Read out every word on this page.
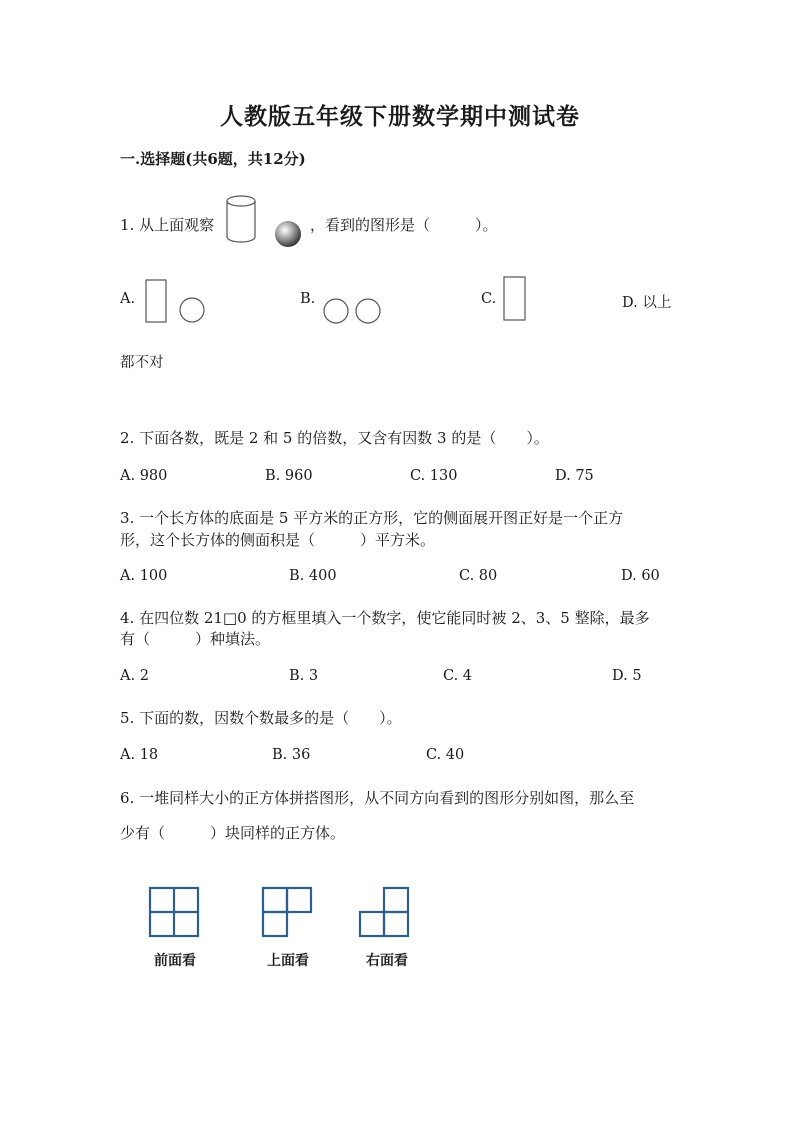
人教版五年级下册数学期中测试卷
一.选择题(共6题，共12分)
1. 从上面观察	，看到的图形是（　　　）。
A.	B.	C.	D. 以上
都不对
2. 下面各数，既是 2 和 5 的倍数，又含有因数 3 的是（　　）。
A. 980	B. 960	C. 130	D. 75
3. 一个长方体的底面是 5 平方米的正方形，它的侧面展开图正好是一个正方
形，这个长方体的侧面积是（　　　）平方米。
A. 100	B. 400	C. 80	D. 60
4. 在四位数 21□0 的方框里填入一个数字，使它能同时被 2、3、5 整除，最多
有（　　　）种填法。
A. 2	B. 3	C. 4	D. 5
5. 下面的数，因数个数最多的是（　　）。
A. 18	B. 36	C. 40
6. 一堆同样大小的正方体拼搭图形，从不同方向看到的图形分别如图，那么至
少有（　　　）块同样的正方体。
前面看	上面看	右面看
